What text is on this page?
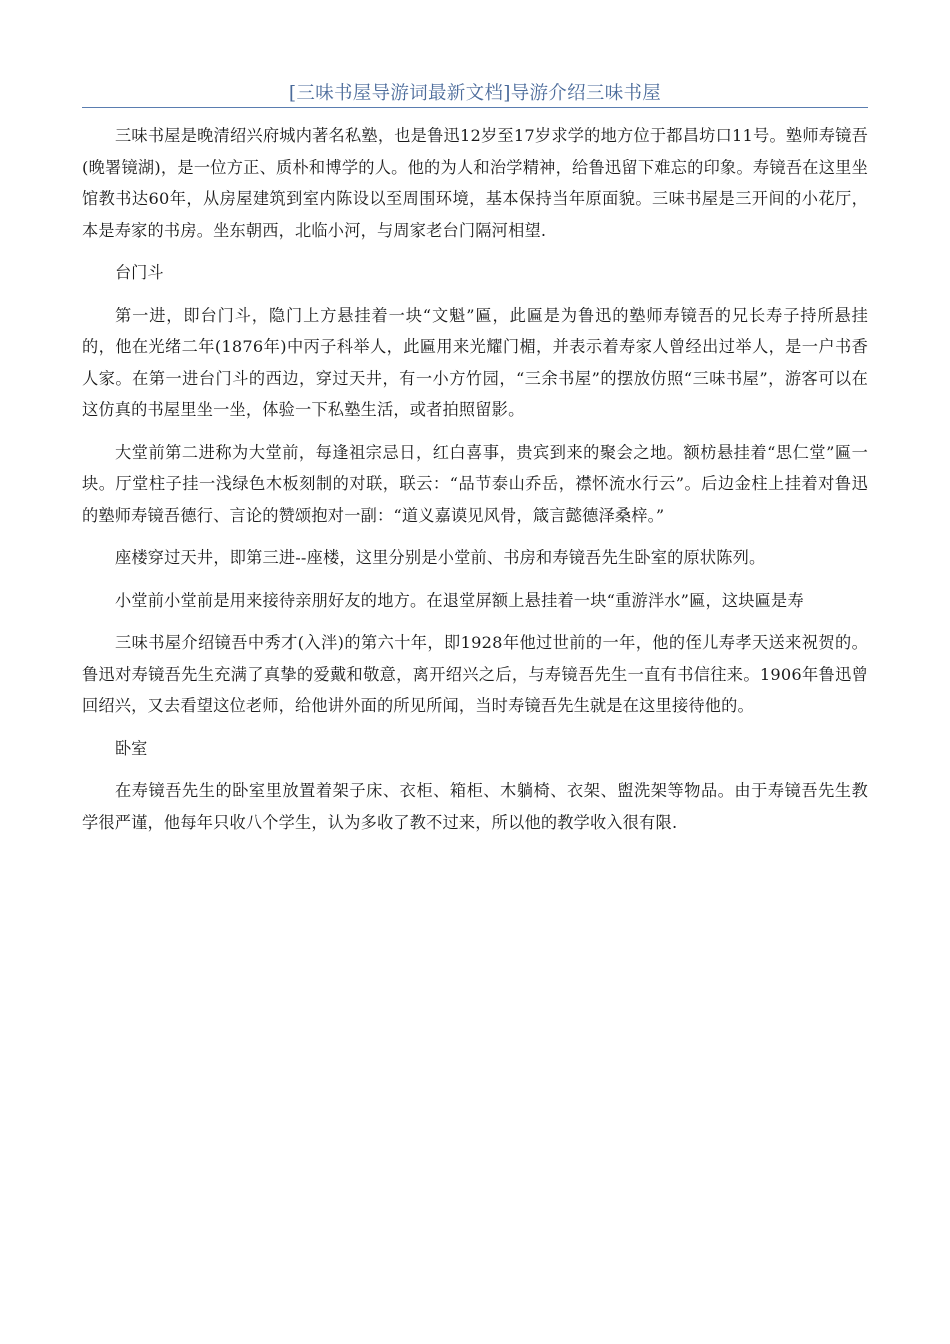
[三味书屋导游词最新文档]导游介绍三味书屋

三味书屋是晚清绍兴府城内著名私塾，也是鲁迅12岁至17岁求学的地方位于都昌坊口11号。塾师寿镜吾(晚署镜湖)，是一位方正、质朴和博学的人。他的为人和治学精神，给鲁迅留下难忘的印象。寿镜吾在这里坐馆教书达60年，从房屋建筑到室内陈设以至周围环境，基本保持当年原面貌。三味书屋是三开间的小花厅，本是寿家的书房。坐东朝西，北临小河，与周家老台门隔河相望.

台门斗

第一进，即台门斗，隐门上方悬挂着一块“文魁”匾，此匾是为鲁迅的塾师寿镜吾的兄长寿子持所悬挂的，他在光绪二年(1876年)中丙子科举人，此匾用来光耀门楣，并表示着寿家人曾经出过举人，是一户书香人家。在第一进台门斗的西边，穿过天井，有一小方竹园，“三余书屋”的摆放仿照“三味书屋”，游客可以在这仿真的书屋里坐一坐，体验一下私塾生活，或者拍照留影。

大堂前第二进称为大堂前，每逢祖宗忌日，红白喜事，贵宾到来的聚会之地。额枋悬挂着“思仁堂”匾一块。厅堂柱子挂一浅绿色木板刻制的对联，联云：“品节泰山乔岳，襟怀流水行云”。后边金柱上挂着对鲁迅的塾师寿镜吾德行、言论的赞颂抱对一副：“道义嘉谟见风骨，箴言懿德泽桑梓。”

座楼穿过天井，即第三进--座楼，这里分别是小堂前、书房和寿镜吾先生卧室的原状陈列。

小堂前小堂前是用来接待亲朋好友的地方。在退堂屏额上悬挂着一块“重游泮水”匾，这块匾是寿

三味书屋介绍镜吾中秀才(入泮)的第六十年，即1928年他过世前的一年，他的侄儿寿孝天送来祝贺的。鲁迅对寿镜吾先生充满了真挚的爱戴和敬意，离开绍兴之后，与寿镜吾先生一直有书信往来。1906年鲁迅曾回绍兴，又去看望这位老师，给他讲外面的所见所闻，当时寿镜吾先生就是在这里接待他的。

卧室

在寿镜吾先生的卧室里放置着架子床、衣柜、箱柜、木躺椅、衣架、盥洗架等物品。由于寿镜吾先生教学很严谨，他每年只收八个学生，认为多收了教不过来，所以他的教学收入很有限.
